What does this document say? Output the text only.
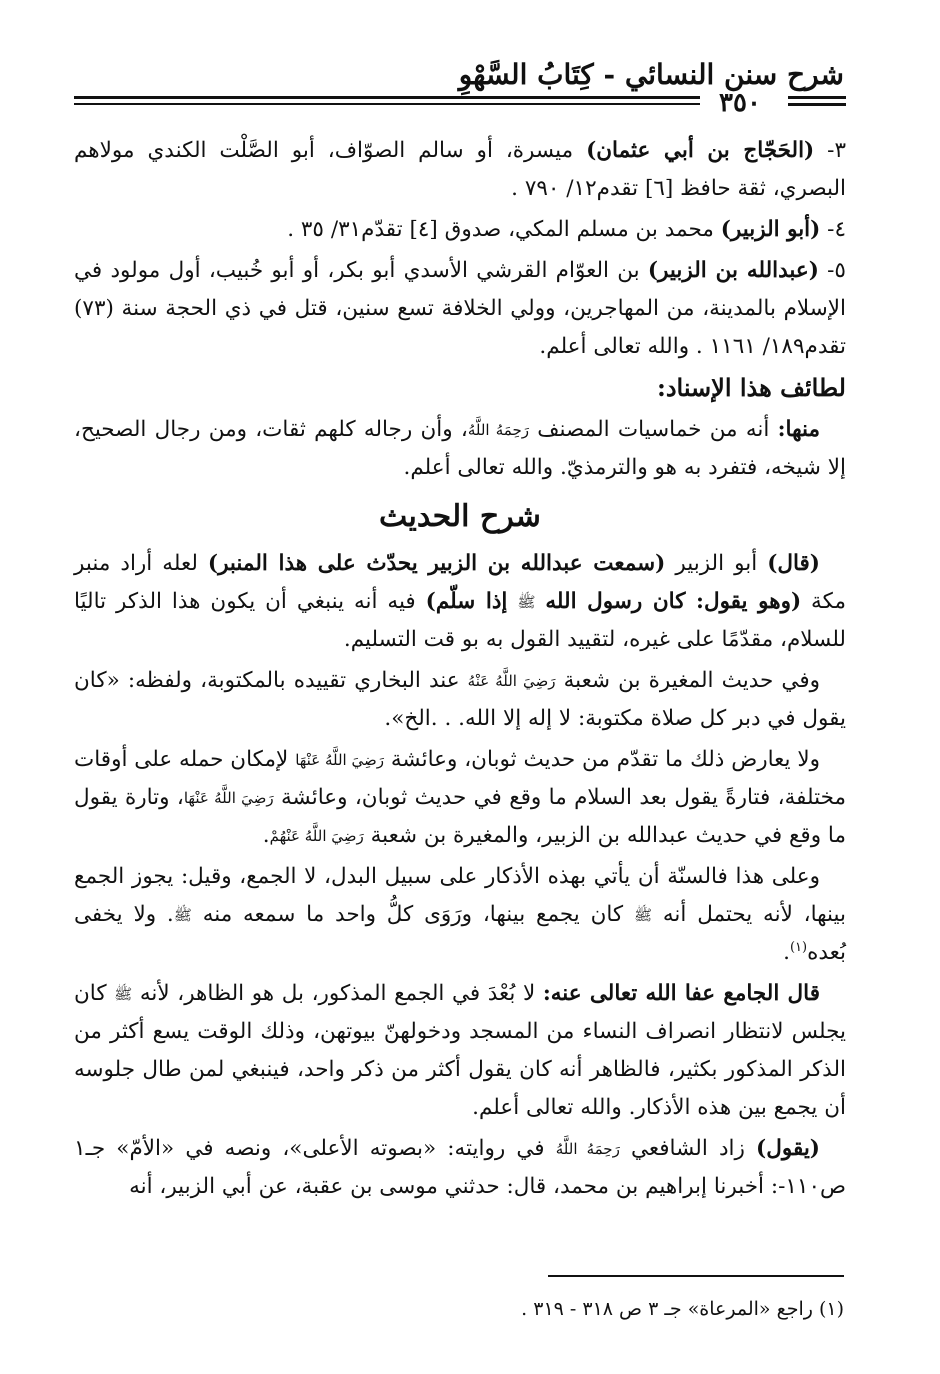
شرح سنن النسائي - كِتَابُ السَّهْوِ
٣٥٠

٣- (الحَجّاج بن أبي عثمان) ميسرة، أو سالم الصوّاف، أبو الصَّلْت الكندي مولاهم البصري، ثقة حافظ [٦] تقدم١٢/ ٧٩٠ .

٤- (أبو الزبير) محمد بن مسلم المكي، صدوق [٤] تقدّم٣١/ ٣٥ .

٥- (عبدالله بن الزبير) بن العوّام القرشي الأسدي أبو بكر، أو أبو خُبيب، أول مولود في الإسلام بالمدينة، من المهاجرين، وولي الخلافة تسع سنين، قتل في ذي الحجة سنة (٧٣) تقدم١٨٩/ ١١٦١ . والله تعالى أعلم.

لطائف هذا الإسناد:

منها: أنه من خماسيات المصنف رَحِمَهُ اللَّهُ، وأن رجاله كلهم ثقات، ومن رجال الصحيح، إلا شيخه، فتفرد به هو والترمذيّ. والله تعالى أعلم.

شرح الحديث

(قال) أبو الزبير (سمعت عبدالله بن الزبير يحدّث على هذا المنبر) لعله أراد منبر مكة (وهو يقول: كان رسول الله ﷺ إذا سلّم) فيه أنه ينبغي أن يكون هذا الذكر تاليًا للسلام، مقدّمًا على غيره، لتقييد القول به بو قت التسليم.

وفي حديث المغيرة بن شعبة رَضِيَ اللَّهُ عَنْهُ عند البخاري تقييده بالمكتوبة، ولفظه: «كان يقول في دبر كل صلاة مكتوبة: لا إله إلا الله. . .الخ».

ولا يعارض ذلك ما تقدّم من حديث ثوبان، وعائشة رَضِيَ اللَّهُ عَنْهَا لإمكان حمله على أوقات مختلفة، فتارةً يقول بعد السلام ما وقع في حديث ثوبان، وعائشة رَضِيَ اللَّهُ عَنْهَا، وتارة يقول ما وقع في حديث عبدالله بن الزبير، والمغيرة بن شعبة رَضِيَ اللَّهُ عَنْهُمْ.

وعلى هذا فالسنّة أن يأتي بهذه الأذكار على سبيل البدل، لا الجمع، وقيل: يجوز الجمع بينها، لأنه يحتمل أنه ﷺ كان يجمع بينها، ورَوَى كلُّ واحد ما سمعه منه ﷺ. ولا يخفى بُعده$^{(١)}$.

قال الجامع عفا الله تعالى عنه: لا بُعْدَ في الجمع المذكور، بل هو الظاهر، لأنه ﷺ كان يجلس لانتظار انصراف النساء من المسجد ودخولهنّ بيوتهن، وذلك الوقت يسع أكثر من الذكر المذكور بكثير، فالظاهر أنه كان يقول أكثر من ذكر واحد، فينبغي لمن طال جلوسه أن يجمع بين هذه الأذكار. والله تعالى أعلم.

(يقول) زاد الشافعي رَحِمَهُ اللَّهُ في روايته: «بصوته الأعلى»، ونصه في «الأمّ» جـ١ ص١١٠-: أخبرنا إبراهيم بن محمد، قال: حدثني موسى بن عقبة، عن أبي الزبير، أنه

(١) راجع «المرعاة» جـ ٣ ص ٣١٨ - ٣١٩ .
